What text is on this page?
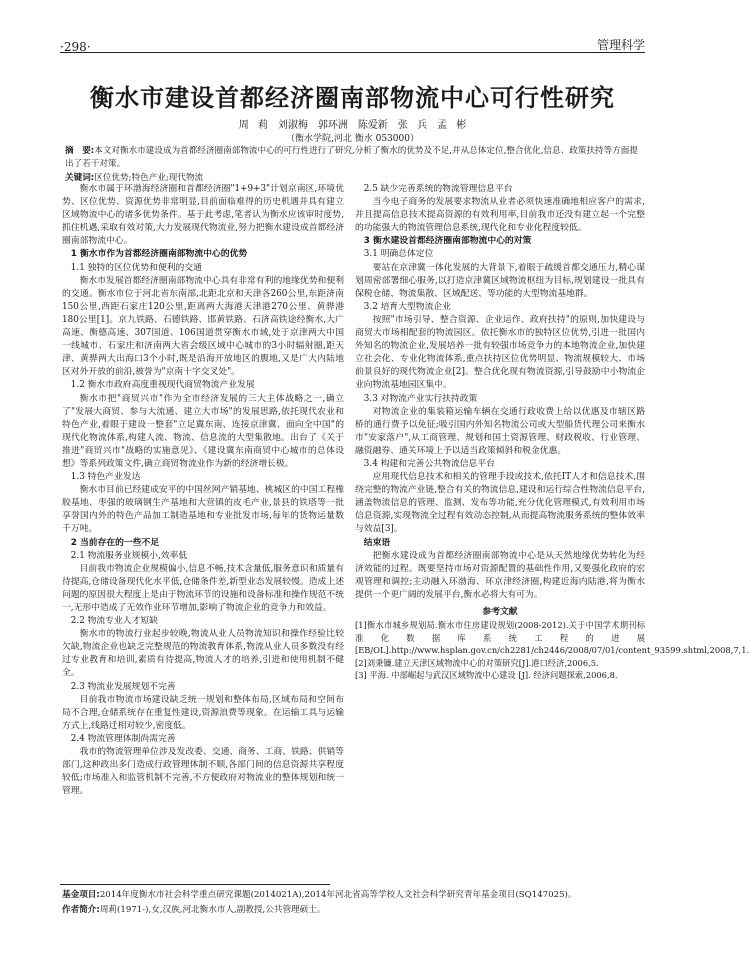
·298·	管理科学
衡水市建设首都经济圈南部物流中心可行性研究
周 莉　刘淑梅　郭环洲　陈爱新　张 兵　孟 彬
（衡水学院,河北 衡水 053000）
摘　要:本文对衡水市建设成为首都经济圈南部物流中心的可行性进行了研究,分析了衡水的优势及不足,并从总体定位,整合优化,信息、政策扶持等方面提出了若干对策。
关键词:区位优势;特色产业;现代物流

衡水市属于环渤海经济圈和首都经济圈"1+9+3"计划京南区,环境优势、区位优势、资源优势非常明显,目前面临难得的历史机遇并具有建立区域物流中心的诸多优势条件。基于此考虑,笔者认为衡水应该审时度势,抓住机遇,采取有效对策,大力发展现代物流业,努力把衡水建设成首都经济圈南部物流中心。

1 衡水市作为首都经济圈南部物流中心的优势
1.1 独特的区位优势和便利的交通

衡水市发展首都经济圈南部物流中心具有非常有利的地缘优势和便利的交通。衡水市位于河北省东南部,北距北京和天津各260公里,东距济南150公里,西距石家庄120公里,距离两大海港天津港270公里、黄骅港180公里[1]。京九铁路、石德铁路、邯黄铁路、石济高铁途经衡水,大广高速、衡德高速、307国道、106国道贯穿衡水市域,处于京津两大中国一线城市、石家庄和济南两大省会级区域中心城市的3小时辐射圈,距天津、黄骅两大出海口3个小时,既是沿海开放地区的腹地,又是广大内陆地区对外开放的前沿,被誉为"京南十字交叉处"。

1.2 衡水市政府高度重视现代商贸物流产业发展

衡水市把"商贸兴市"作为全市经济发展的三大主体战略之一,确立了"发展大商贸、参与大流通、建立大市场"的发展思路,依托现代农业和特色产业,着眼于建设一整套"立足冀东南、连接京津冀、面向全中国"的现代化物流体系,构建人流、物流、信息流的大型集散地。出台了《关于推进"商贸兴市"战略的实施意见》、《建设冀东南商贸中心城市的总体设想》等系列政策文件,确立商贸物流业作为新的经济增长极。

1.3 特色产业发达

衡水市目前已经建成安平的中国丝网产销基地、桃城区的中国工程橡胶基地、枣强的玻璃钢生产基地和大营镇的皮毛产业,景县的铁塔等一批享誉国内外的特色产品加工制造基地和专业批发市场,每年的货物运量数千万吨。

2 当前存在的一些不足
2.1 物流服务业规模小,效率低

目前我市物流企业规模偏小,信息不畅,技术含量低,服务意识和质量有待提高,仓储设备现代化水平低,仓储条件差,新型业态发展较慢。造成上述问题的原因很大程度上是由于物流环节的设施和设备标准和操作规范不统一,无形中造成了无效作业环节增加,影响了物流企业的竞争力和效益。

2.2 物流专业人才短缺

衡水市的物流行业起步较晚,物流从业人员物流知识和操作经验比较欠缺,物流企业也缺乏完整规范的物流教育体系,物流从业人员多数没有经过专业教育和培训,素质有待提高,物流人才的培养,引进和使用机制不健全。

2.3 物流业发展规划不完善

目前我市物流市场建设缺乏统一规划和整体布局,区域布局和空间布局不合理,仓储系统存在重复性建设,资源浪费等现象。在运输工具与运输方式上,线路迁相对较少,密度低。

2.4 物流管理体制尚需完善

我市的物流管理单位涉及发改委、交通、商务、工商、铁路、供销等部门,这种政出多门造成行政管理体制不顺,各部门间的信息资源共享程度较低;市场准入和监管机制不完善,不方便政府对物流业的整体规划和统一管理。

2.5 缺少完善系统的物流管理信息平台

当今电子商务的发展要求物流从业者必须快速准确地相应客户的需求,并且提高信息技术提高资源的有效利用率,目前我市还没有建立起一个完整的功能强大的物流管理信息系统,现代化和专业化程度较低。

3 衡水建设首都经济圈南部物流中心的对策
3.1 明确总体定位

要站在京津冀一体化发展的大背景下,着眼于疏缓首都交通压力,精心谋划周密部署细心服务,以打造京津冀区域物流枢纽为目标,规划建设一批具有保税仓储、物流集散、区域配送、等功能的大型物流基地群。

3.2 培育大型物流企业

按照"市场引导、整合资源、企业运作、政府扶持"的原则,加快建设与商贸大市场相配套的物流园区。依托衡水市的独特区位优势,引进一批国内外知名的物流企业,发展培养一批有较强市场竞争力的本地物流企业,加快建立社会化、专业化物流体系,重点扶持区位优势明显、物流规模较大、市场前景良好的现代物流企业[2]。整合优化现有物流资源,引导鼓励中小物流企业向物流基地园区集中。

3.3 对物流产业实行扶持政策

对物流企业的集装箱运输车辆在交通行政收费上给以优惠及市辖区路桥的通行费予以免征;吸引国内外知名物流公司或大型船货代理公司来衡水市"安家落户",从工商管理、规划和国土资源管理、财政税收、行业管理、融资融券、通关环境上予以适当政策倾斜和税金优惠。

3.4 构建和完善公共物流信息平台

应用现代信息技术和相关的管理手段或技术,依托IT人才和信息技术,围绕完整的物流产业链,整合有关的物流信息,建设和运行综合性物流信息平台,涵盖物流信息的管理、监测、发布等功能,充分优化管理模式,有效利用市场信息资源,实现物流全过程有效动态控制,从而提高物流服务系统的整体效率与效益[3]。

结束语

把衡水建设成为首都经济圈南部物流中心是从天然地缘优势转化为经济效能的过程。既要坚持市场对资源配置的基础性作用,又要强化政府的宏观管理和调控;主动融入环渤海、环京津经济圈,构建近海内陆港,将为衡水提供一个更广阔的发展平台,衡水必将大有可为。

参考文献

[1]衡水市城乡规划局.衡水市住房建设规划(2008-2012).关于中国学术期刊标准化数据库系统工程的进展[EB/OL].http://www.hsplan.gov.cn/ch2281/ch2446/2008/07/01/content_93599.shtml,2008,7,1.

[2]刘秉镰.建立天津区域物流中心的对策研究[J].港口经济,2006,5.

[3] 平海. 中部崛起与武汉区域物流中心建设 [J]. 经济问题探索,2006,8.

基金项目:2014年度衡水市社会科学重点研究课题(2014021A),2014年河北省高等学校人文社会科学研究青年基金项目(SQ147025)。
作者简介:周莉(1971-),女,汉族,河北衡水市人,副教授,公共管理硕士。
